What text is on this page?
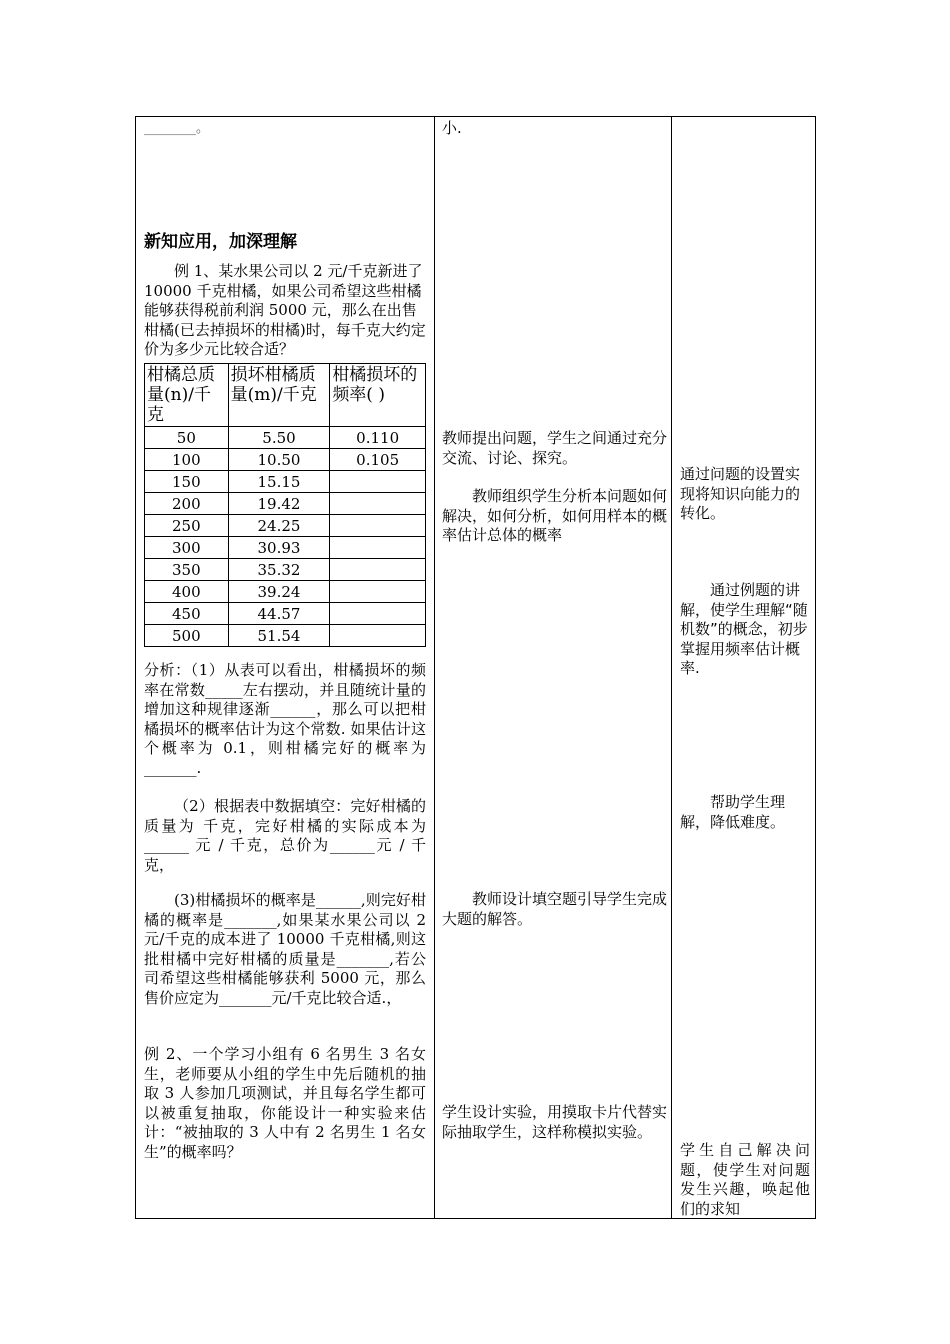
________。
新知应用，加深理解
例 1、某水果公司以 2 元/千克新进了 10000 千克柑橘，如果公司希望这些柑橘能够获得税前利润 5000 元，那么在出售柑橘(已去掉损坏的柑橘)时，每千克大约定价为多少元比较合适？
柑橘总质量(n)/千克	损坏柑橘质量(m)/千克	柑橘损坏的频率( )
50	5.50	0.110
100	10.50	0.105
150	15.15	
200	19.42	
250	24.25	
300	30.93	
350	35.32	
400	39.24	
450	44.57	
500	51.54	
分析：（1）从表可以看出，柑橘损坏的频率在常数_____左右摆动，并且随统计量的增加这种规律逐渐______，那么可以把柑橘损坏的概率估计为这个常数. 如果估计这个概率为 0.1，则柑橘完好的概率为_______.
（2）根据表中数据填空：完好柑橘的质量为 千克，完好柑橘的实际成本为______ 元 / 千克，总价为______元 / 千克，
(3)柑橘损坏的概率是______,则完好柑橘的概率是_______,如果某水果公司以 2 元/千克的成本进了 10000 千克柑橘,则这批柑橘中完好柑橘的质量是_______,若公司希望这些柑橘能够获利 5000 元，那么售价应定为_______元/千克比较合适.，
例 2、一个学习小组有 6 名男生 3 名女生，老师要从小组的学生中先后随机的抽取 3 人参加几项测试，并且每名学生都可以被重复抽取，你能设计一种实验来估计：“被抽取的 3 人中有 2 名男生 1 名女生”的概率吗？
小.
教师提出问题，学生之间通过充分交流、讨论、探究。
教师组织学生分析本问题如何解决，如何分析，如何用样本的概率估计总体的概率
教师设计填空题引导学生完成大题的解答。
学生设计实验，用摸取卡片代替实际抽取学生，这样称模拟实验。
通过问题的设置实现将知识向能力的转化。
通过例题的讲解，使学生理解“随机数”的概念，初步掌握用频率估计概率.
帮助学生理解，降低难度。
学生自己解决问题，使学生对问题发生兴趣，唤起他们的求知
